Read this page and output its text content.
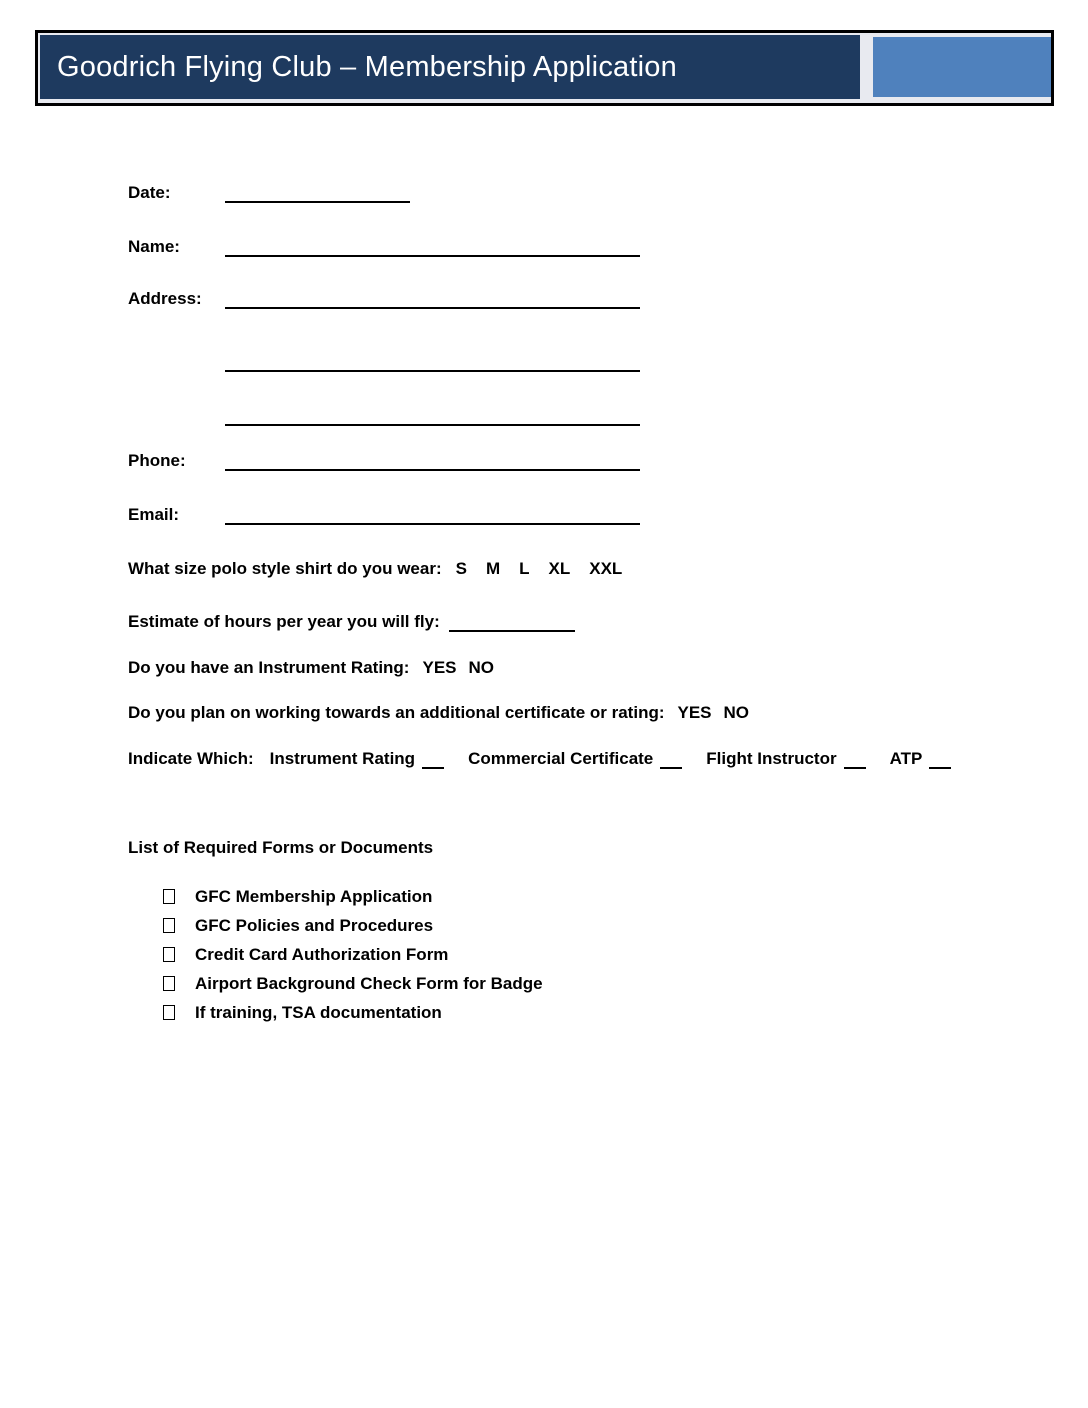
Goodrich Flying Club – Membership Application
Date:
Name:
Address:
Phone:
Email:
What size polo style shirt do you wear: S M L XL XXL
Estimate of hours per year you will fly:
Do you have an Instrument Rating: YES NO
Do you plan on working towards an additional certificate or rating: YES NO
Indicate Which: Instrument Rating	Commercial Certificate	Flight Instructor	ATP
List of Required Forms or Documents
GFC Membership Application
GFC Policies and Procedures
Credit Card Authorization Form
Airport Background Check Form for Badge
If training, TSA documentation
